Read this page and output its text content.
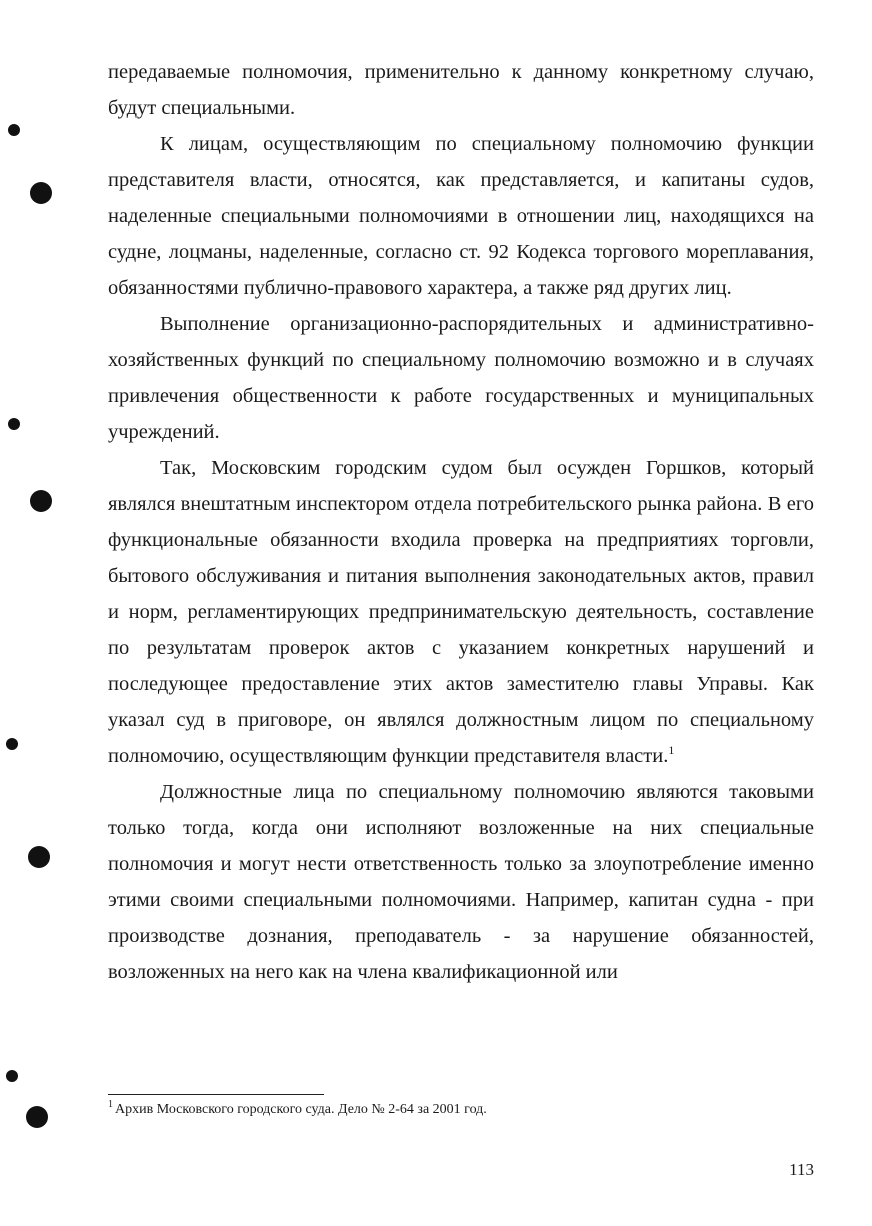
передаваемые полномочия, применительно к данному конкретному случаю, будут специальными.

К лицам, осуществляющим по специальному полномочию функции представителя власти, относятся, как представляется, и капитаны судов, наделенные специальными полномочиями в отношении лиц, находящихся на судне, лоцманы, наделенные, согласно ст. 92 Кодекса торгового мореплавания, обязанностями публично-правового характера, а также ряд других лиц.

Выполнение организационно-распорядительных и административно-хозяйственных функций по специальному полномочию возможно и в случаях привлечения общественности к работе государственных и муниципальных учреждений.

Так, Московским городским судом был осужден Горшков, который являлся внештатным инспектором отдела потребительского рынка района. В его функциональные обязанности входила проверка на предприятиях торговли, бытового обслуживания и питания выполнения законодательных актов, правил и норм, регламентирующих предпринимательскую деятельность, составление по результатам проверок актов с указанием конкретных нарушений и последующее предоставление этих актов заместителю главы Управы. Как указал суд в приговоре, он являлся должностным лицом по специальному полномочию, осуществляющим функции представителя власти.$^1$

Должностные лица по специальному полномочию являются таковыми только тогда, когда они исполняют возложенные на них специальные полномочия и могут нести ответственность только за злоупотребление именно этими своими специальными полномочиями. Например, капитан судна - при производстве дознания, преподаватель - за нарушение обязанностей, возложенных на него как на члена квалификационной или

$^1$ Архив Московского городского суда. Дело № 2-64 за 2001 год.
113
